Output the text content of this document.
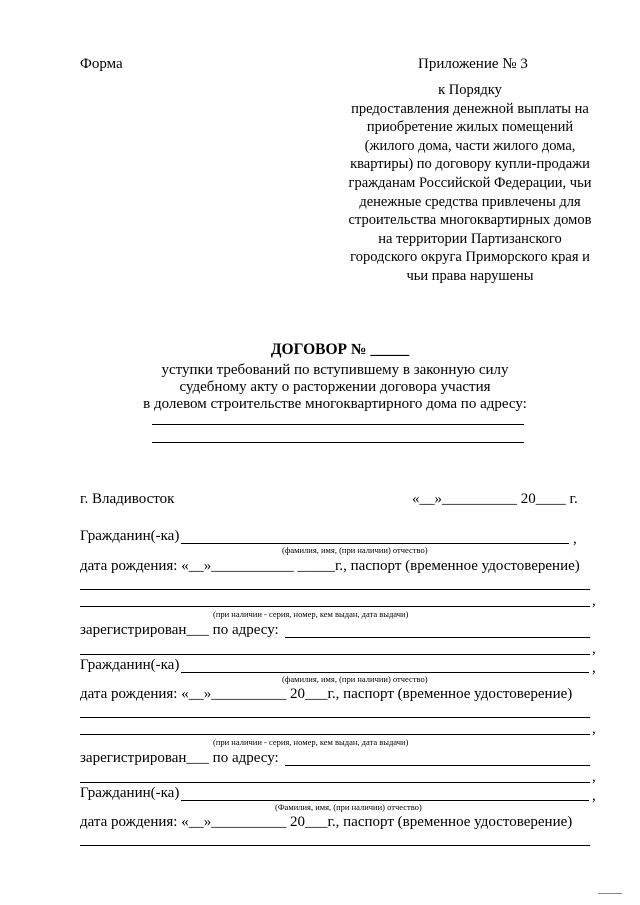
Форма	Приложение № 3
к Порядку
предоставления денежной выплаты на
приобретение жилых помещений
(жилого дома, части жилого дома,
квартиры) по договору купли-продажи
гражданам Российской Федерации, чьи
денежные средства привлечены для
строительства многоквартирных домов
на территории Партизанского
городского округа Приморского края и
чьи права нарушены
ДОГОВОР № _____
уступки требований по вступившему в законную силу
судебному акту о расторжении договора участия
в долевом строительстве многоквартирного дома по адресу:
г. Владивосток	«__»__________ 20____ г.
Гражданин(-ка)	,
(фамилия, имя, (при наличии) отчество)
дата рождения: «__»___________ _____г., паспорт (временное удостоверение)
,
(при наличии - серия, номер, кем выдан, дата выдачи)
зарегистрирован___ по адресу:
,
Гражданин(-ка)	,
(фамилия, имя, (при наличии) отчество)
дата рождения: «__»__________ 20___г., паспорт (временное удостоверение)
,
(при наличии - серия, номер, кем выдан, дата выдачи)
зарегистрирован___ по адресу:
,
Гражданин(-ка)	,
(Фамилия, имя, (при наличии) отчество)
дата рождения: «__»__________ 20___г., паспорт (временное удостоверение)
